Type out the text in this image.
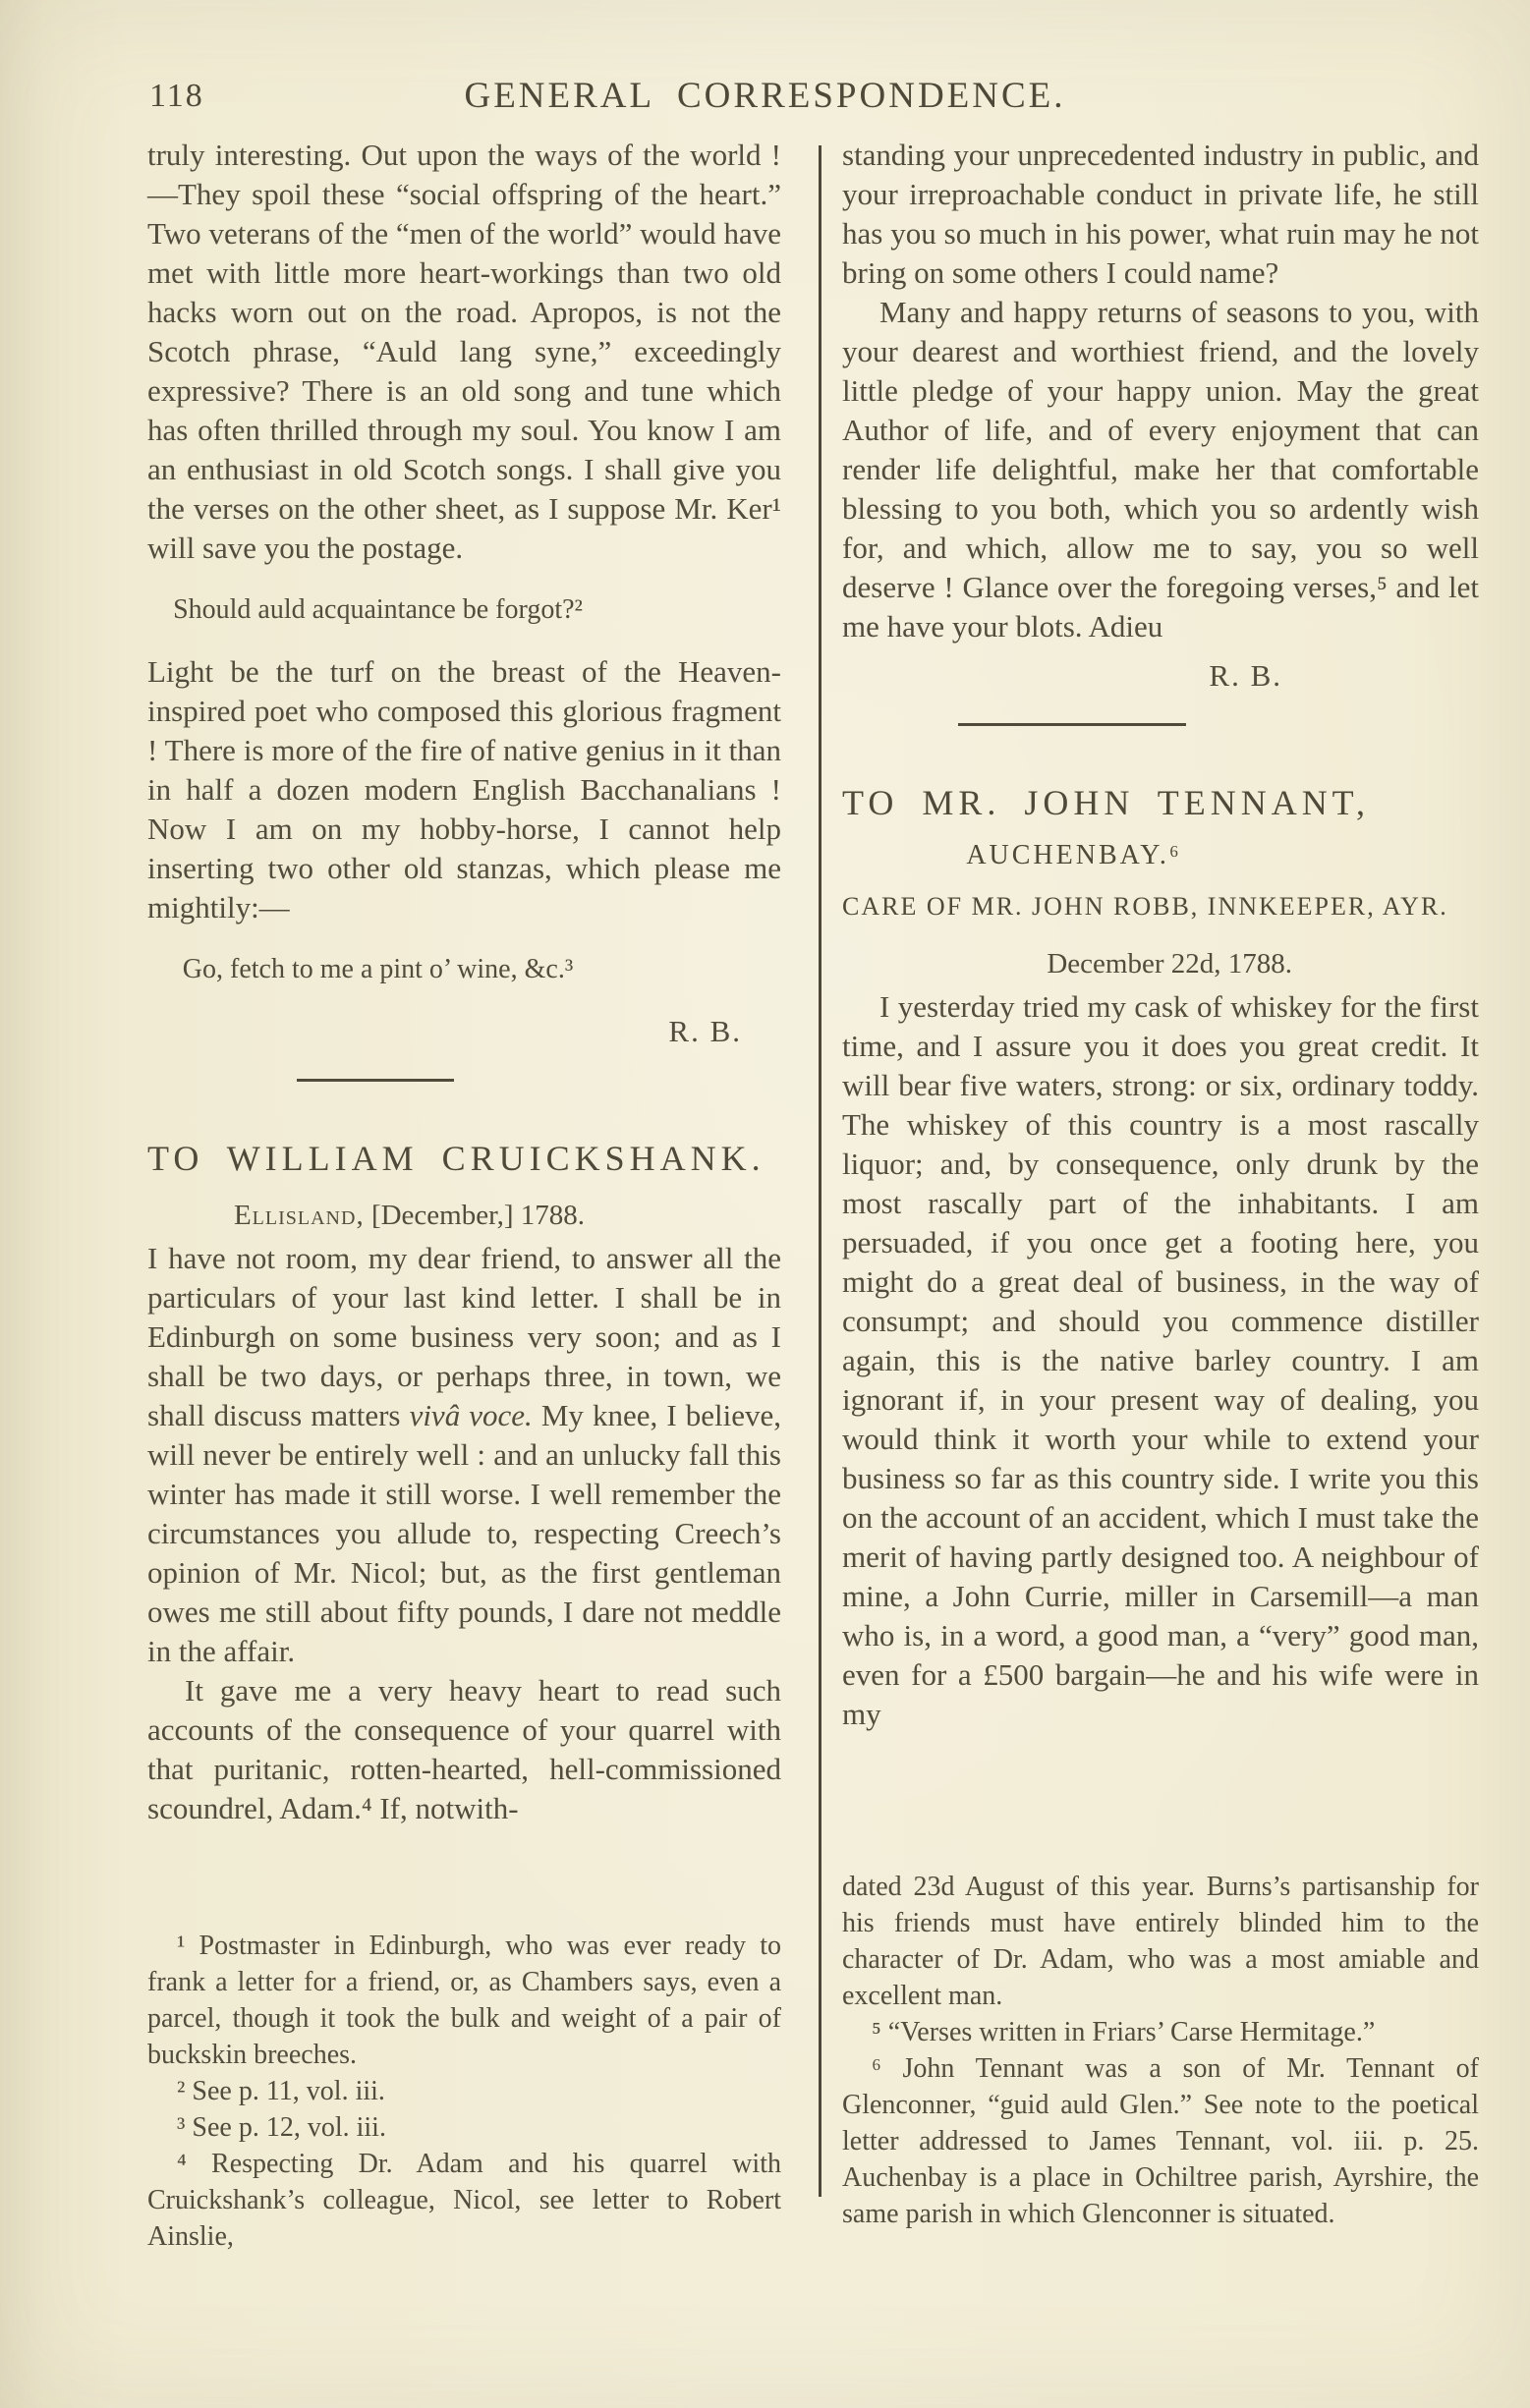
118	GENERAL CORRESPONDENCE.

truly interesting. Out upon the ways of the world !—They spoil these “social offspring of the heart.” Two veterans of the “men of the world” would have met with little more heart-workings than two old hacks worn out on the road. Apropos, is not the Scotch phrase, “Auld lang syne,” exceedingly expressive? There is an old song and tune which has often thrilled through my soul. You know I am an enthusiast in old Scotch songs. I shall give you the verses on the other sheet, as I suppose Mr. Ker¹ will save you the postage.

Should auld acquaintance be forgot?²

Light be the turf on the breast of the Heaven-inspired poet who composed this glorious fragment ! There is more of the fire of native genius in it than in half a dozen modern English Bacchanalians ! Now I am on my hobby-horse, I cannot help inserting two other old stanzas, which please me mightily:—

Go, fetch to me a pint o’ wine, &c.³
R. B.
TO WILLIAM CRUICKSHANK.
Ellisland, [December,] 1788.

I have not room, my dear friend, to answer all the particulars of your last kind letter. I shall be in Edinburgh on some business very soon; and as I shall be two days, or perhaps three, in town, we shall discuss matters vivâ voce. My knee, I believe, will never be entirely well : and an unlucky fall this winter has made it still worse. I well remember the circumstances you allude to, respecting Creech’s opinion of Mr. Nicol; but, as the first gentleman owes me still about fifty pounds, I dare not meddle in the affair.

It gave me a very heavy heart to read such accounts of the consequence of your quarrel with that puritanic, rotten-hearted, hell-commissioned scoundrel, Adam.⁴ If, notwith-

standing your unprecedented industry in public, and your irreproachable conduct in private life, he still has you so much in his power, what ruin may he not bring on some others I could name?

Many and happy returns of seasons to you, with your dearest and worthiest friend, and the lovely little pledge of your happy union. May the great Author of life, and of every enjoyment that can render life delightful, make her that comfortable blessing to you both, which you so ardently wish for, and which, allow me to say, you so well deserve ! Glance over the foregoing verses,⁵ and let me have your blots. Adieu

R. B.
TO MR. JOHN TENNANT,
AUCHENBAY.⁶
CARE OF MR. JOHN ROBB, INNKEEPER, AYR.
December 22d, 1788.

I yesterday tried my cask of whiskey for the first time, and I assure you it does you great credit. It will bear five waters, strong: or six, ordinary toddy. The whiskey of this country is a most rascally liquor; and, by consequence, only drunk by the most rascally part of the inhabitants. I am persuaded, if you once get a footing here, you might do a great deal of business, in the way of consumpt; and should you commence distiller again, this is the native barley country. I am ignorant if, in your present way of dealing, you would think it worth your while to extend your business so far as this country side. I write you this on the account of an accident, which I must take the merit of having partly designed too. A neighbour of mine, a John Currie, miller in Carsemill—a man who is, in a word, a good man, a “very” good man, even for a £500 bargain—he and his wife were in my

¹ Postmaster in Edinburgh, who was ever ready to frank a letter for a friend, or, as Chambers says, even a parcel, though it took the bulk and weight of a pair of buckskin breeches.

² See p. 11, vol. iii.

³ See p. 12, vol. iii.

⁴ Respecting Dr. Adam and his quarrel with Cruickshank’s colleague, Nicol, see letter to Robert Ainslie,

dated 23d August of this year. Burns’s partisanship for his friends must have entirely blinded him to the character of Dr. Adam, who was a most amiable and excellent man.

⁵ “Verses written in Friars’ Carse Hermitage.”

⁶ John Tennant was a son of Mr. Tennant of Glenconner, “guid auld Glen.” See note to the poetical letter addressed to James Tennant, vol. iii. p. 25. Auchenbay is a place in Ochiltree parish, Ayrshire, the same parish in which Glenconner is situated.
